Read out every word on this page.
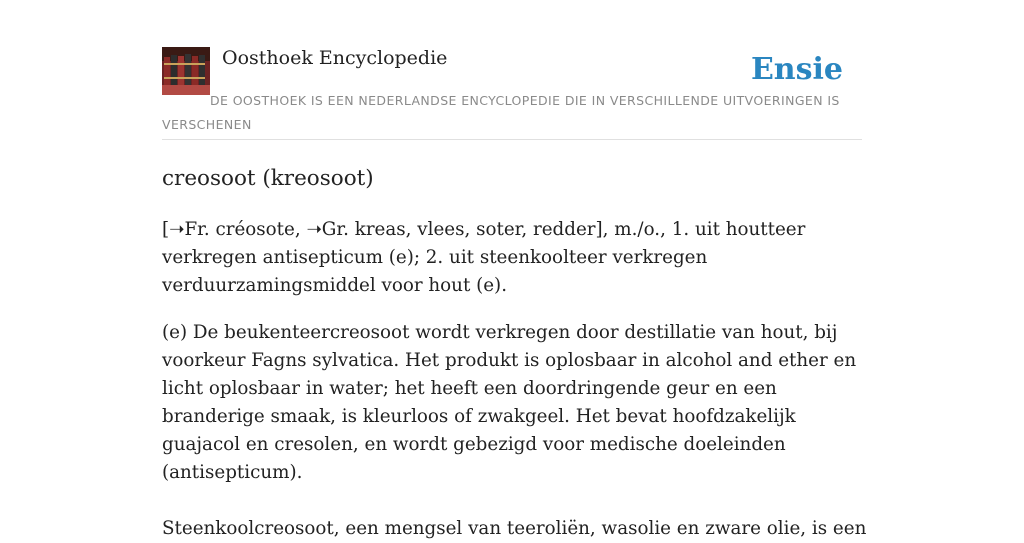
Oosthoek Encyclopedie	Ensie
DE OOSTHOEK IS EEN NEDERLANDSE ENCYCLOPEDIE DIE IN VERSCHILLENDE UITVOERINGEN IS VERSCHENEN
creosoot (kreosoot)

[➝Fr. créosote, ➝Gr. kreas, vlees, soter, redder], m./o., 1. uit houtteer verkregen antisepticum (e); 2. uit steenkoolteer verkregen verduurzamingsmiddel voor hout (e).

(e) De beukenteercreosoot wordt verkregen door destillatie van hout, bij voorkeur Fagns sylvatica. Het produkt is oplosbaar in alcohol and ether en licht oplosbaar in water; het heeft een doordringende geur en een branderige smaak, is kleurloos of zwakgeel. Het bevat hoofdzakelijk guajacol en cresolen, en wordt gebezigd voor medische doeleinden (antisepticum).

Steenkoolcreosoot, een mengsel van teeroliën, wasolie en zware olie, is een
